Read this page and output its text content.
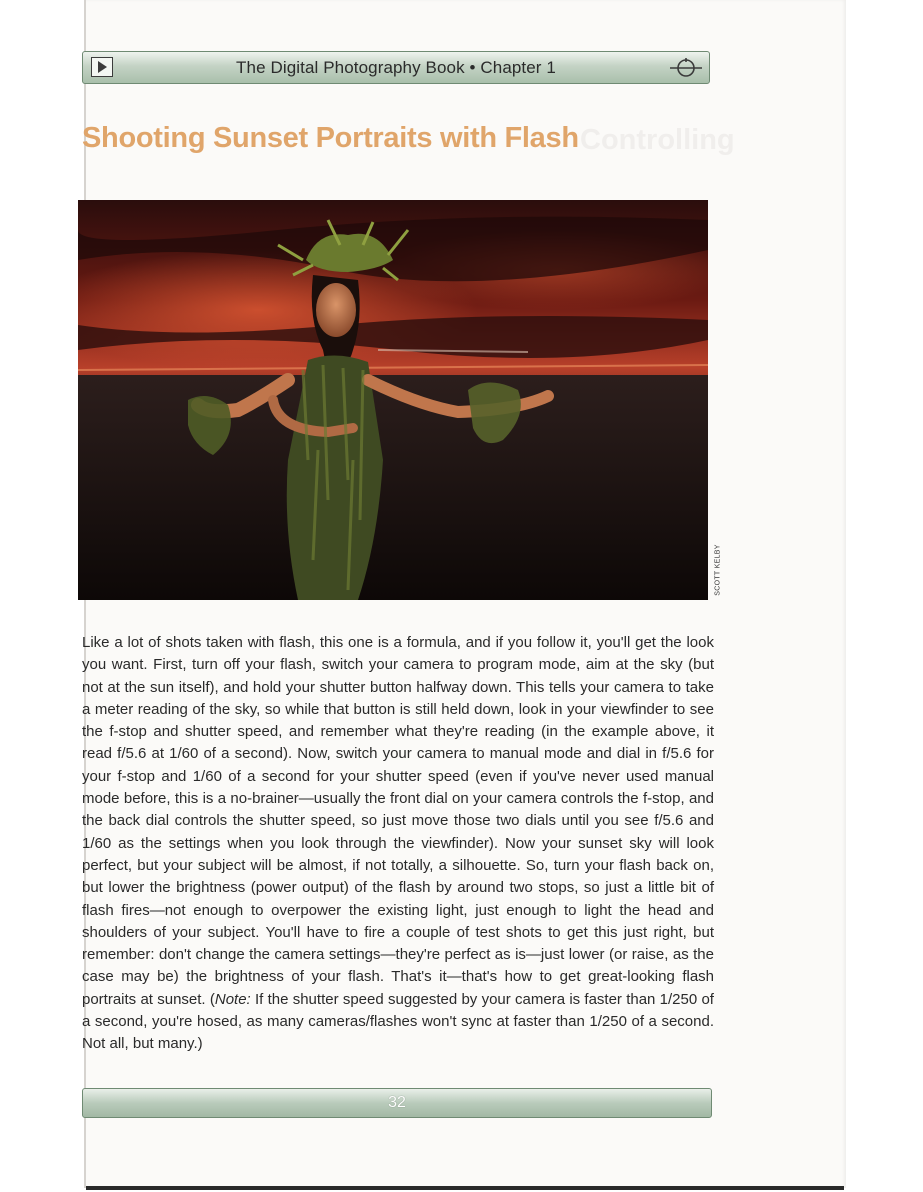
The Digital Photography Book • Chapter 1
Controlling
Shooting Sunset Portraits with Flash
SCOTT KELBY

Like a lot of shots taken with flash, this one is a formula, and if you follow it, you'll get the look you want. First, turn off your flash, switch your camera to program mode, aim at the sky (but not at the sun itself), and hold your shutter button halfway down. This tells your camera to take a meter reading of the sky, so while that button is still held down, look in your viewfinder to see the f-stop and shutter speed, and remember what they're reading (in the example above, it read f/5.6 at 1/60 of a second). Now, switch your camera to manual mode and dial in f/5.6 for your f-stop and 1/60 of a second for your shutter speed (even if you've never used manual mode before, this is a no-brainer—usually the front dial on your camera controls the f-stop, and the back dial controls the shutter speed, so just move those two dials until you see f/5.6 and 1/60 as the settings when you look through the viewfinder). Now your sunset sky will look perfect, but your subject will be almost, if not totally, a silhouette. So, turn your flash back on, but lower the brightness (power output) of the flash by around two stops, so just a little bit of flash fires—not enough to overpower the existing light, just enough to light the head and shoulders of your subject. You'll have to fire a couple of test shots to get this just right, but remember: don't change the camera settings—they're perfect as is—just lower (or raise, as the case may be) the brightness of your flash. That's it—that's how to get great-looking flash portraits at sunset. (Note: If the shutter speed suggested by your camera is faster than 1/250 of a second, you're hosed, as many cameras/flashes won't sync at faster than 1/250 of a second. Not all, but many.)

32
